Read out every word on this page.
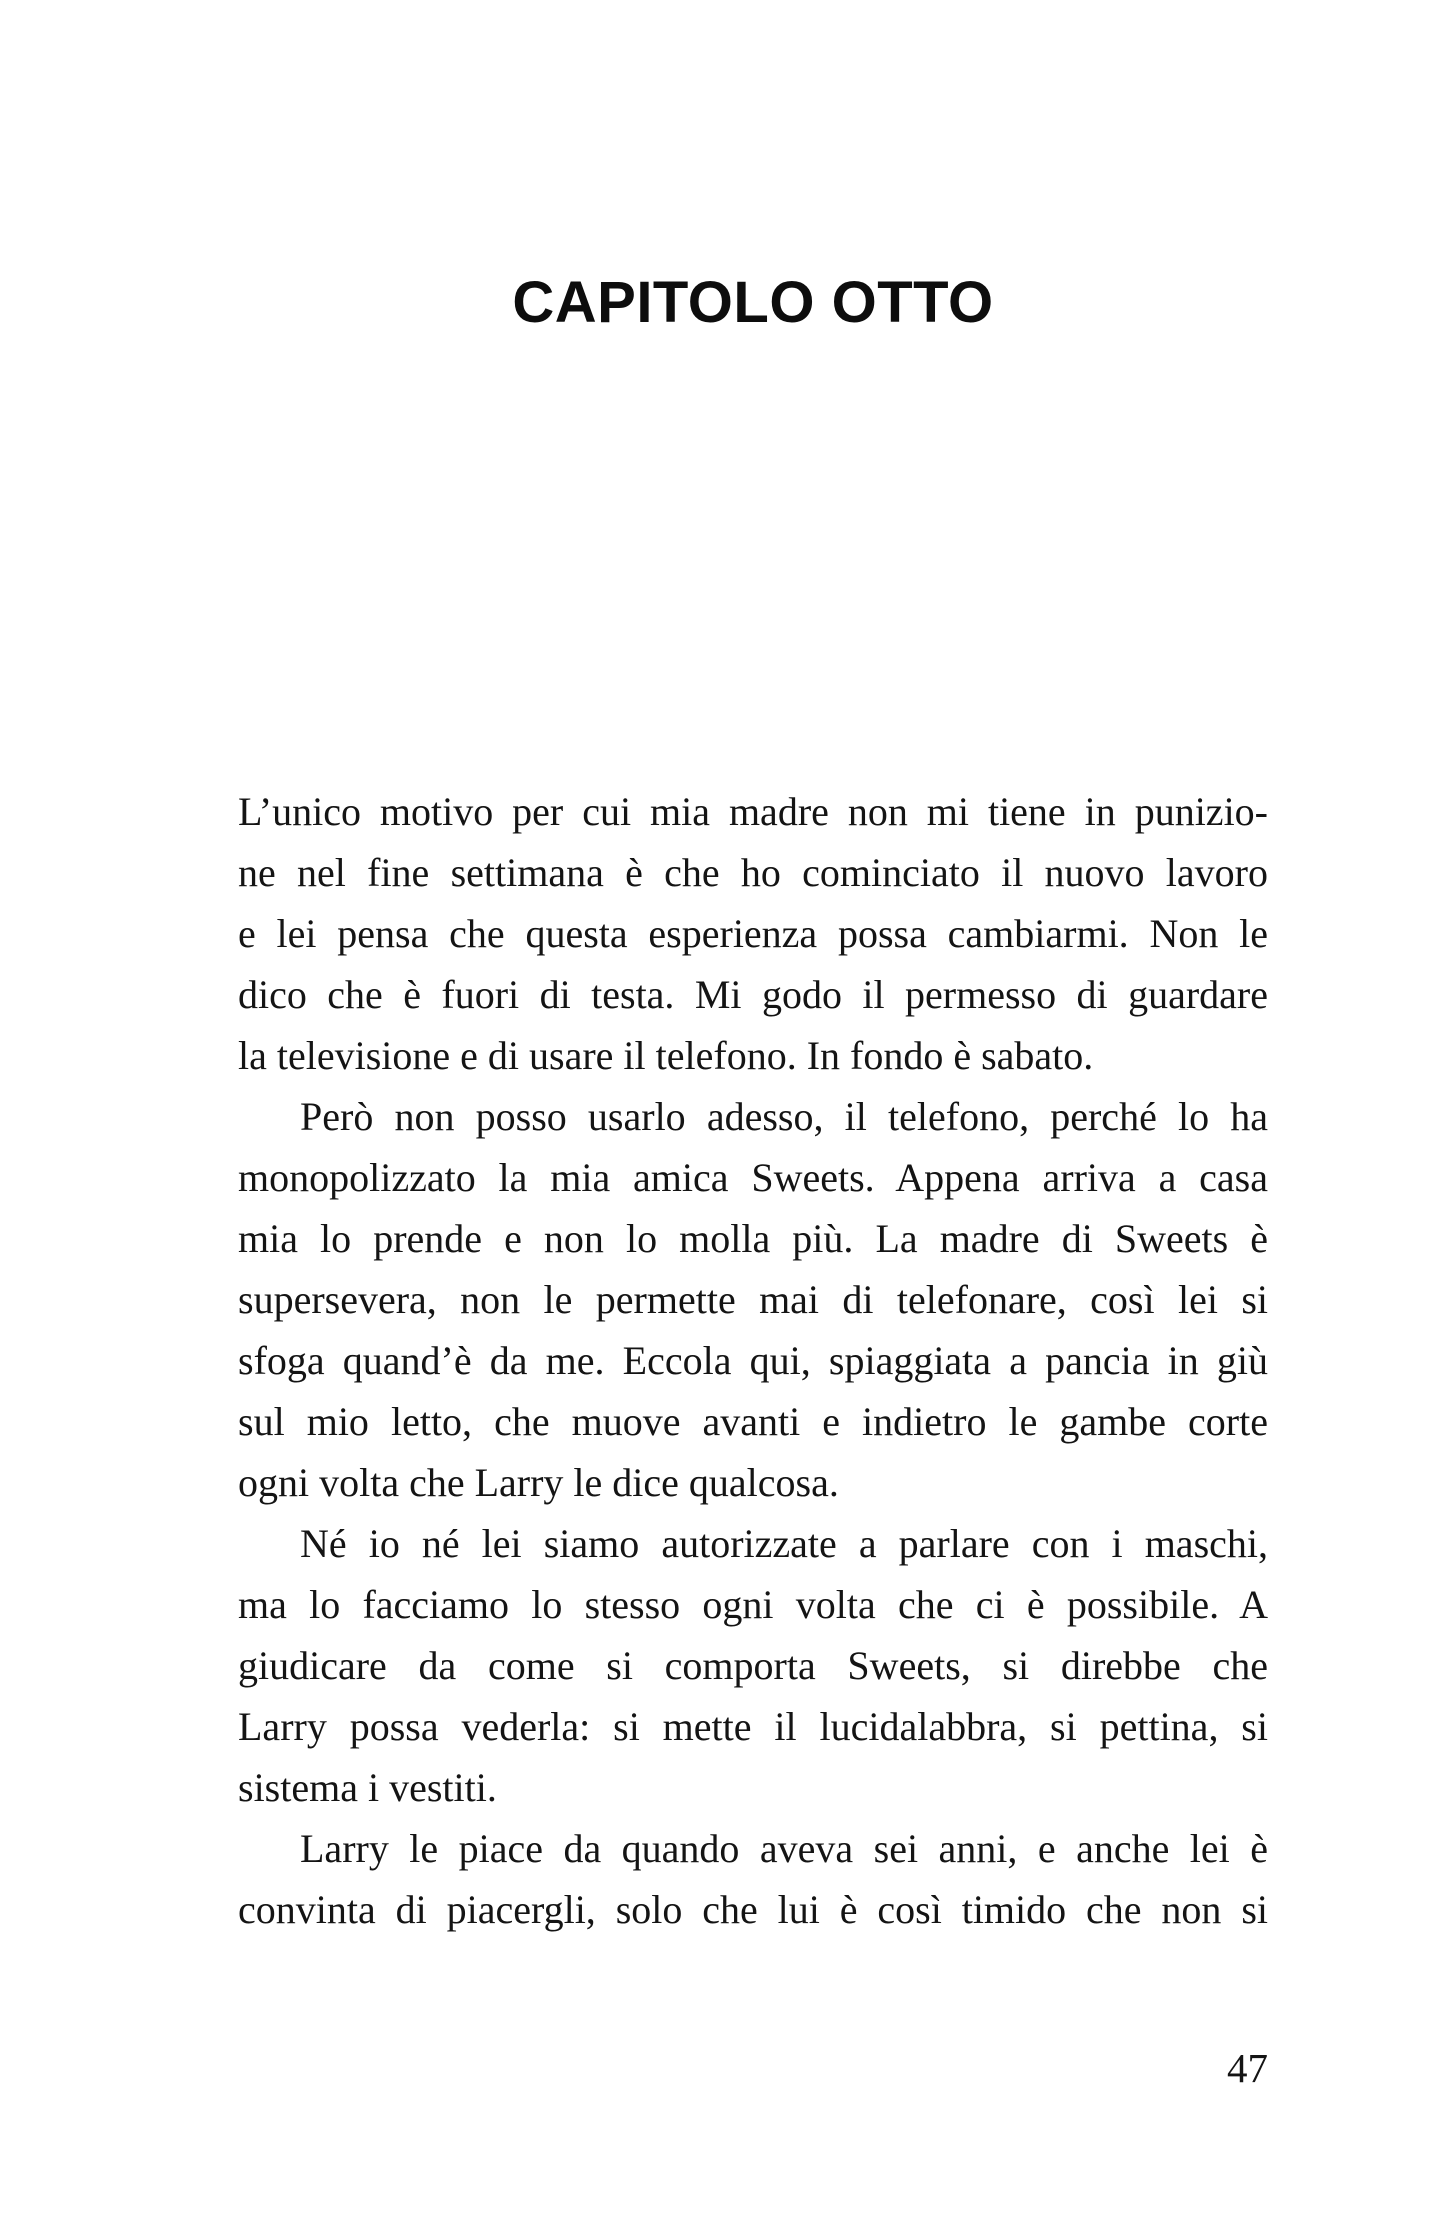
CAPITOLO OTTO
L’unico motivo per cui mia madre non mi tiene in punizio-
ne nel fine settimana è che ho cominciato il nuovo lavoro
e lei pensa che questa esperienza possa cambiarmi. Non le
dico che è fuori di testa. Mi godo il permesso di guardare
la televisione e di usare il telefono. In fondo è sabato.
Però non posso usarlo adesso, il telefono, perché lo ha
monopolizzato la mia amica Sweets. Appena arriva a casa
mia lo prende e non lo molla più. La madre di Sweets è
supersevera, non le permette mai di telefonare, così lei si
sfoga quand’è da me. Eccola qui, spiaggiata a pancia in giù
sul mio letto, che muove avanti e indietro le gambe corte
ogni volta che Larry le dice qualcosa.
Né io né lei siamo autorizzate a parlare con i maschi,
ma lo facciamo lo stesso ogni volta che ci è possibile. A
giudicare da come si comporta Sweets, si direbbe che
Larry possa vederla: si mette il lucidalabbra, si pettina, si
sistema i vestiti.
Larry le piace da quando aveva sei anni, e anche lei è
convinta di piacergli, solo che lui è così timido che non si
47
